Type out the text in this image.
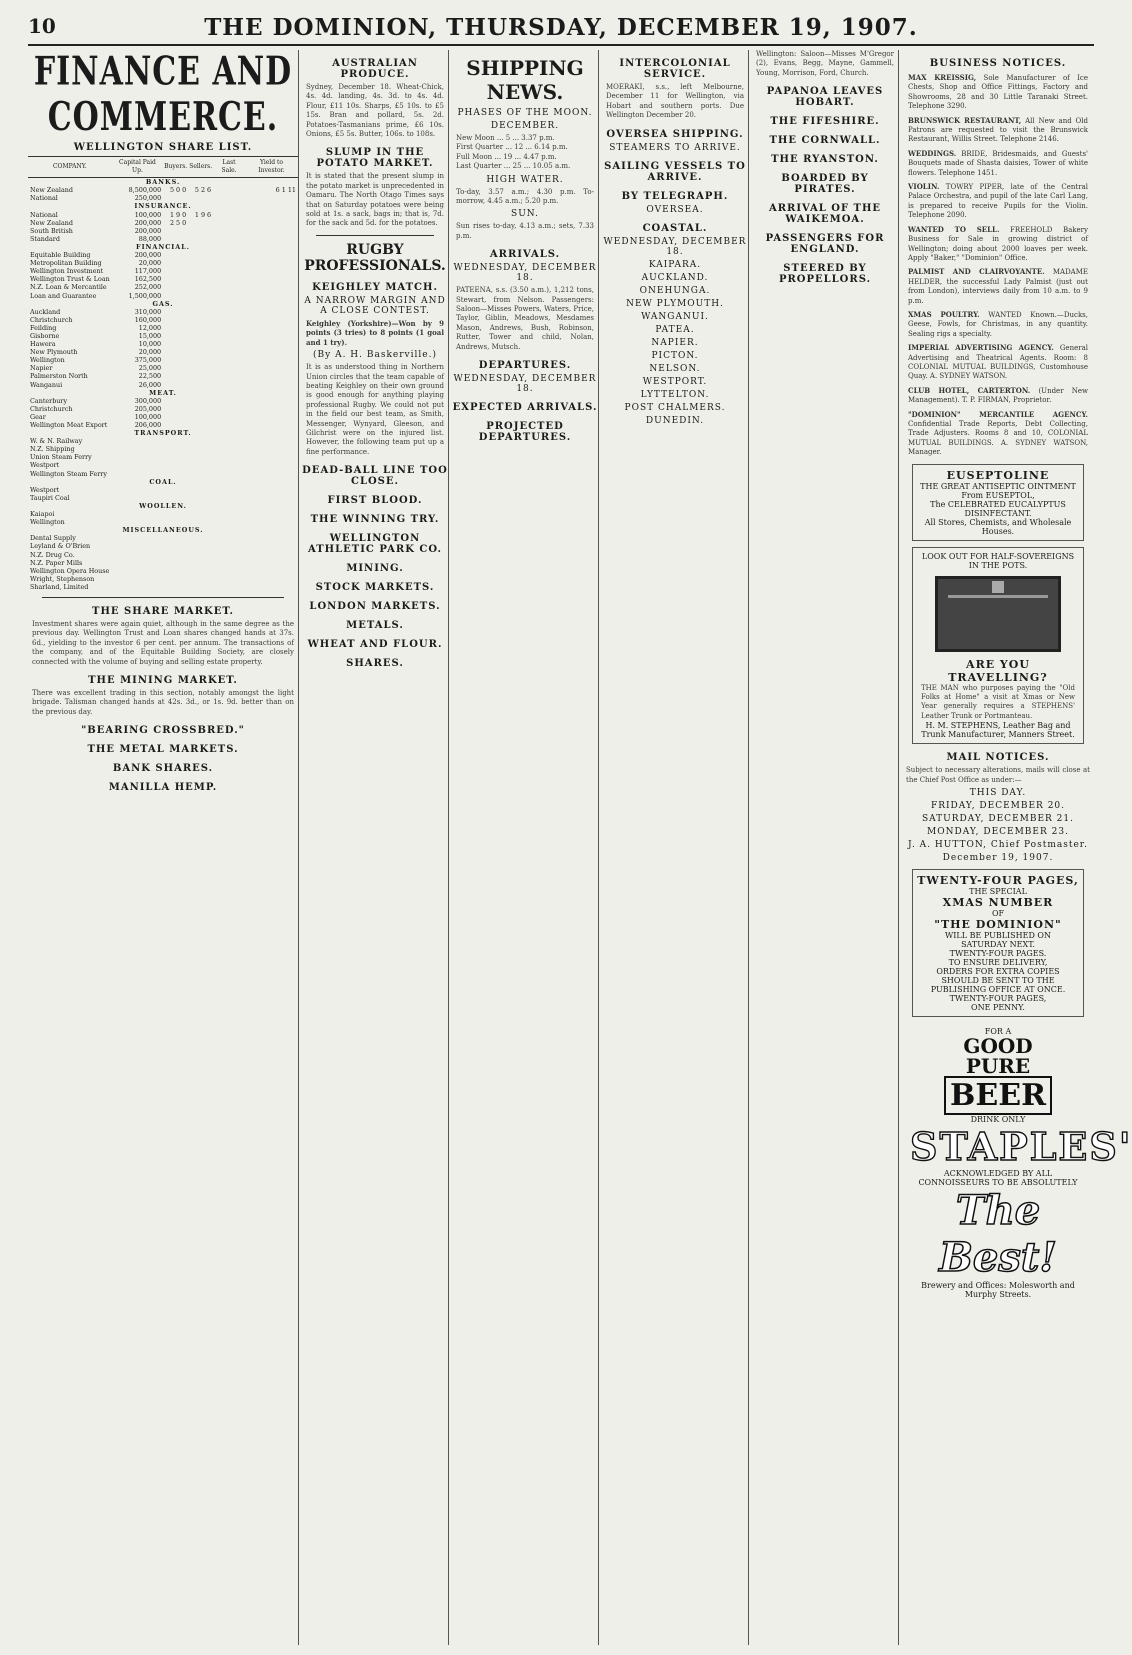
10	THE DOMINION, THURSDAY, DECEMBER 19, 1907.
FINANCE AND COMMERCE.
WELLINGTON SHARE LIST.
COMPANY.	Capital Paid Up.	Buyers.	Sellers.	Last Sale.	Yield to Investor.
BANKS.					
New Zealand	8,500,000	5 0 0	5 2 6		6 1 11
National	250,000				
INSURANCE.					
National	100,000	1 9 0	1 9 6		
New Zealand	200,000	2 5 0			
South British	200,000				
Standard	88,000				
FINANCIAL.					
Equitable Building	200,000				
Metropolitan Building	20,000				
Wellington Investment	117,000				
Wellington Trust & Loan	162,500				
N.Z. Loan & Mercantile	252,000				
Loan and Guarantee	1,500,000				
GAS.					
Auckland	310,000				
Christchurch	160,000				
Feilding	12,000				
Gisborne	15,000				
Hawera	10,000				
New Plymouth	20,000				
Wellington	375,000				
Napier	25,000				
Palmerston North	22,500				
Wanganui	26,000				
MEAT.					
Canterbury	300,000				
Christchurch	205,000				
Gear	100,000				
Wellington Meat Export	206,000				
TRANSPORT.					
W. & N. Railway					
N.Z. Shipping					
Union Steam Ferry					
Westport					
Wellington Steam Ferry					
COAL.					
Westport					
Taupiri Coal					
WOOLLEN.					
Kaiapoi					
Wellington					
MISCELLANEOUS.					
Dental Supply					
Leyland & O'Brien					
N.Z. Drug Co.					
N.Z. Paper Mills					
Wellington Opera House					
Wright, Stephenson					
Sharland, Limited					
THE SHARE MARKET.
Investment shares were again quiet, although in the same degree as the previous day. Wellington Trust and Loan shares changed hands at 37s. 6d., yielding to the investor 6 per cent. per annum. The transactions of the company, and of the Equitable Building Society, are closely connected with the volume of buying and selling estate property.
THE MINING MARKET.
There was excellent trading in this section, notably amongst the light brigade. Talisman changed hands at 42s. 3d., or 1s. 9d. better than on the previous day.
"BEARING CROSSBRED."
THE METAL MARKETS.
BANK SHARES.
MANILLA HEMP.
AUSTRALIAN PRODUCE.
Sydney, December 18. Wheat-Chick, 4s. 4d. landing, 4s. 3d. to 4s. 4d. Flour, £11 10s. Sharps, £5 10s. to £5 15s. Bran and pollard, 5s. 2d. Potatoes-Tasmanians prime, £6 10s. Onions, £5 5s. Butter, 106s. to 108s.
SLUMP IN THE POTATO MARKET.
It is stated that the present slump in the potato market is unprecedented in Oamaru. The North Otago Times says that on Saturday potatoes were being sold at 1s. a sack, bags in; that is, 7d. for the sack and 5d. for the potatoes.
RUGBY PROFESSIONALS.
KEIGHLEY MATCH.
A NARROW MARGIN AND A CLOSE CONTEST.
Keighley (Yorkshire)—Won by 9 points (3 tries) to 8 points (1 goal and 1 try).
(By A. H. Baskerville.)
It is as understood thing in Northern Union circles that the team capable of beating Keighley on their own ground is good enough for anything playing professional Rugby. We could not put in the field our best team, as Smith, Messenger, Wynyard, Gleeson, and Gilchrist were on the injured list. However, the following team put up a fine performance.
DEAD-BALL LINE TOO CLOSE.
FIRST BLOOD.
THE WINNING TRY.
WELLINGTON ATHLETIC PARK CO.
MINING.
STOCK MARKETS.
LONDON MARKETS.
METALS.
WHEAT AND FLOUR.
SHARES.
SHIPPING NEWS.
PHASES OF THE MOON.
DECEMBER.
New Moon ... 5 ... 3.37 p.m.
First Quarter ... 12 ... 6.14 p.m.
Full Moon ... 19 ... 4.47 p.m.
Last Quarter ... 25 ... 10.05 a.m.
HIGH WATER.
To-day, 3.57 a.m.; 4.30 p.m. To-morrow, 4.45 a.m.; 5.20 p.m.
SUN.
Sun rises to-day, 4.13 a.m.; sets, 7.33 p.m.
ARRIVALS.
WEDNESDAY, DECEMBER 18.
PATEENA, s.s. (3.50 a.m.), 1,212 tons, Stewart, from Nelson. Passengers: Saloon—Misses Powers, Waters, Price, Taylor, Giblin, Meadows, Mesdames Mason, Andrews, Bush, Robinson, Rutter, Tower and child, Nolan, Andrews, Mutsch.
DEPARTURES.
WEDNESDAY, DECEMBER 18.
EXPECTED ARRIVALS.
PROJECTED DEPARTURES.
INTERCOLONIAL SERVICE.
MOERAKI, s.s., left Melbourne, December 11 for Wellington, via Hobart and southern ports. Due Wellington December 20.
OVERSEA SHIPPING.
STEAMERS TO ARRIVE.
SAILING VESSELS TO ARRIVE.
BY TELEGRAPH.
OVERSEA.
COASTAL.
WEDNESDAY, DECEMBER 18.
KAIPARA.
AUCKLAND.
ONEHUNGA.
NEW PLYMOUTH.
WANGANUI.
PATEA.
NAPIER.
PICTON.
NELSON.
WESTPORT.
LYTTELTON.
POST CHALMERS.
DUNEDIN.
Wellington: Saloon—Misses M'Gregor (2), Evans, Begg, Mayne, Gammell, Young, Morrison, Ford, Church.
PAPANOA LEAVES HOBART.
THE FIFESHIRE.
THE CORNWALL.
THE RYANSTON.
BOARDED BY PIRATES.
ARRIVAL OF THE WAIKEMOA.
PASSENGERS FOR ENGLAND.
STEERED BY PROPELLORS.
BUSINESS NOTICES.
MAX KREISSIG, Sole Manufacturer of Ice Chests, Shop and Office Fittings, Factory and Showrooms, 28 and 30 Little Taranaki Street. Telephone 3290.
BRUNSWICK RESTAURANT, All New and Old Patrons are requested to visit the Brunswick Restaurant, Willis Street. Telephone 2146.
WEDDINGS. BRIDE, Bridesmaids, and Guests' Bouquets made of Shasta daisies, Tower of white flowers. Telephone 1451.
VIOLIN. TOWRY PIPER, late of the Central Palace Orchestra, and pupil of the late Carl Lang, is prepared to receive Pupils for the Violin. Telephone 2090.
WANTED TO SELL. FREEHOLD Bakery Business for Sale in growing district of Wellington; doing about 2000 loaves per week. Apply "Baker," "Dominion" Office.
PALMIST AND CLAIRVOYANTE. MADAME HELDER, the successful Lady Palmist (just out from London), interviews daily from 10 a.m. to 9 p.m.
XMAS POULTRY. WANTED Known.—Ducks, Geese, Fowls, for Christmas, in any quantity. Sealing rigs a specialty.
IMPERIAL ADVERTISING AGENCY. General Advertising and Theatrical Agents. Room: 8 COLONIAL MUTUAL BUILDINGS, Customhouse Quay. A. SYDNEY WATSON.
CLUB HOTEL, CARTERTON. (Under New Management). T. P. FIRMAN, Proprietor.
"DOMINION" MERCANTILE AGENCY. Confidential Trade Reports, Debt Collecting, Trade Adjusters. Rooms 8 and 10, COLONIAL MUTUAL BUILDINGS. A. SYDNEY WATSON, Manager.
EUSEPTOLINE
THE GREAT ANTISEPTIC OINTMENT
From EUSEPTOL,
The CELEBRATED EUCALYPTUS DISINFECTANT.
All Stores, Chemists, and Wholesale Houses.
LOOK OUT FOR HALF-SOVEREIGNS IN THE POTS.
ARE YOU TRAVELLING?
THE MAN who purposes paying the "Old Folks at Home" a visit at Xmas or New Year generally requires a STEPHENS' Leather Trunk or Portmanteau.
H. M. STEPHENS, Leather Bag and Trunk Manufacturer, Manners Street.
MAIL NOTICES.
Subject to necessary alterations, mails will close at the Chief Post Office as under:—
THIS DAY.
FRIDAY, DECEMBER 20.
SATURDAY, DECEMBER 21.
MONDAY, DECEMBER 23.
J. A. HUTTON, Chief Postmaster.
December 19, 1907.
TWENTY-FOUR PAGES,
THE SPECIAL
XMAS NUMBER
OF
"THE DOMINION"
WILL BE PUBLISHED ON
SATURDAY NEXT.
TWENTY-FOUR PAGES.
TO ENSURE DELIVERY,
ORDERS FOR EXTRA COPIES SHOULD BE SENT TO THE PUBLISHING OFFICE AT ONCE.
TWENTY-FOUR PAGES,
ONE PENNY.
FOR A
GOOD
PURE BEER
DRINK ONLY
STAPLES'
ACKNOWLEDGED BY ALL CONNOISSEURS TO BE ABSOLUTELY
The Best!
Brewery and Offices: Molesworth and Murphy Streets.
